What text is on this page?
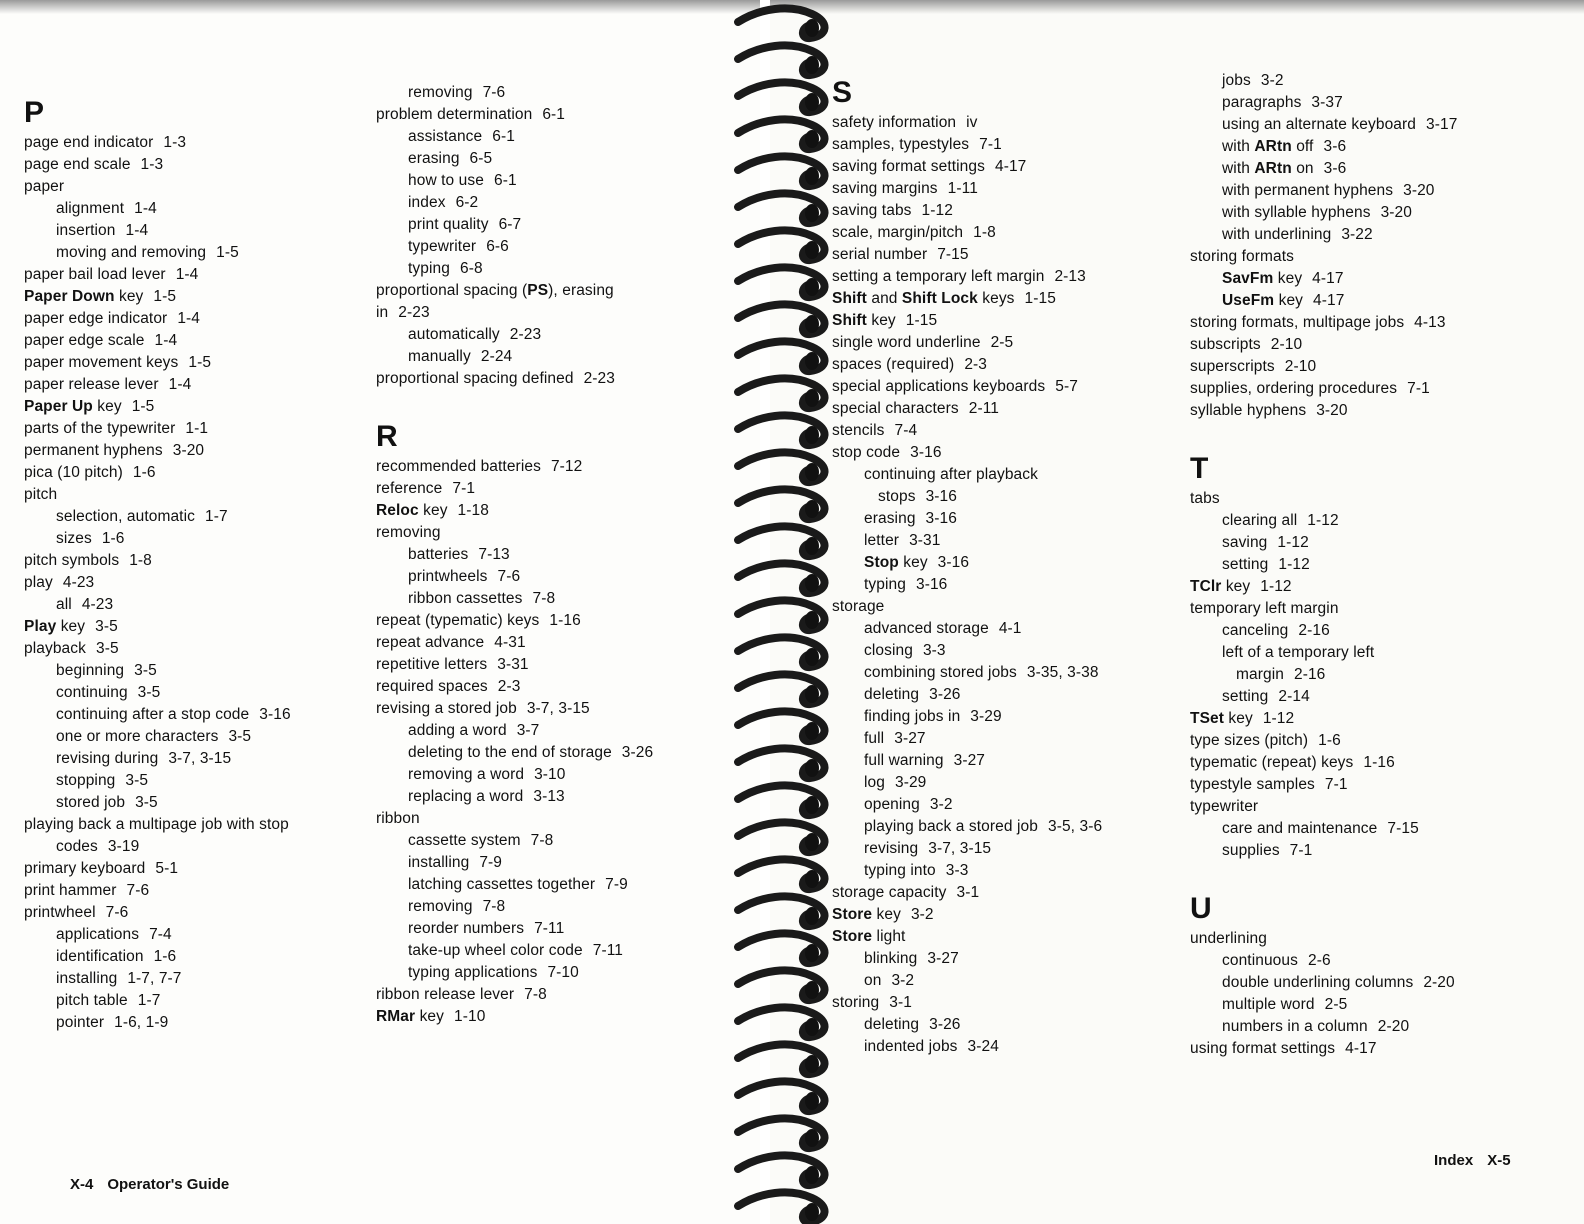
P
page end indicator 1-3
page end scale 1-3
paper
alignment 1-4
insertion 1-4
moving and removing 1-5
paper bail load lever 1-4
Paper Down key 1-5
paper edge indicator 1-4
paper edge scale 1-4
paper movement keys 1-5
paper release lever 1-4
Paper Up key 1-5
parts of the typewriter 1-1
permanent hyphens 3-20
pica (10 pitch) 1-6
pitch
selection, automatic 1-7
sizes 1-6
pitch symbols 1-8
play 4-23
all 4-23
Play key 3-5
playback 3-5
beginning 3-5
continuing 3-5
continuing after a stop code 3-16
one or more characters 3-5
revising during 3-7, 3-15
stopping 3-5
stored job 3-5
playing back a multipage job with stop
codes 3-19
primary keyboard 5-1
print hammer 7-6
printwheel 7-6
applications 7-4
identification 1-6
installing 1-7, 7-7
pitch table 1-7
pointer 1-6, 1-9
removing 7-6
problem determination 6-1
assistance 6-1
erasing 6-5
how to use 6-1
index 6-2
print quality 6-7
typewriter 6-6
typing 6-8
proportional spacing (PS), erasing
in 2-23
automatically 2-23
manually 2-24
proportional spacing defined 2-23
R
recommended batteries 7-12
reference 7-1
Reloc key 1-18
removing
batteries 7-13
printwheels 7-6
ribbon cassettes 7-8
repeat (typematic) keys 1-16
repeat advance 4-31
repetitive letters 3-31
required spaces 2-3
revising a stored job 3-7, 3-15
adding a word 3-7
deleting to the end of storage 3-26
removing a word 3-10
replacing a word 3-13
ribbon
cassette system 7-8
installing 7-9
latching cassettes together 7-9
removing 7-8
reorder numbers 7-11
take-up wheel color code 7-11
typing applications 7-10
ribbon release lever 7-8
RMar key 1-10
S
safety information iv
samples, typestyles 7-1
saving format settings 4-17
saving margins 1-11
saving tabs 1-12
scale, margin/pitch 1-8
serial number 7-15
setting a temporary left margin 2-13
Shift and Shift Lock keys 1-15
Shift key 1-15
single word underline 2-5
spaces (required) 2-3
special applications keyboards 5-7
special characters 2-11
stencils 7-4
stop code 3-16
continuing after playback
stops 3-16
erasing 3-16
letter 3-31
Stop key 3-16
typing 3-16
storage
advanced storage 4-1
closing 3-3
combining stored jobs 3-35, 3-38
deleting 3-26
finding jobs in 3-29
full 3-27
full warning 3-27
log 3-29
opening 3-2
playing back a stored job 3-5, 3-6
revising 3-7, 3-15
typing into 3-3
storage capacity 3-1
Store key 3-2
Store light
blinking 3-27
on 3-2
storing 3-1
deleting 3-26
indented jobs 3-24
jobs 3-2
paragraphs 3-37
using an alternate keyboard 3-17
with ARtn off 3-6
with ARtn on 3-6
with permanent hyphens 3-20
with syllable hyphens 3-20
with underlining 3-22
storing formats
SavFm key 4-17
UseFm key 4-17
storing formats, multipage jobs 4-13
subscripts 2-10
superscripts 2-10
supplies, ordering procedures 7-1
syllable hyphens 3-20
T
tabs
clearing all 1-12
saving 1-12
setting 1-12
TClr key 1-12
temporary left margin
canceling 2-16
left of a temporary left
margin 2-16
setting 2-14
TSet key 1-12
type sizes (pitch) 1-6
typematic (repeat) keys 1-16
typestyle samples 7-1
typewriter
care and maintenance 7-15
supplies 7-1
U
underlining
continuous 2-6
double underlining columns 2-20
multiple word 2-5
numbers in a column 2-20
using format settings 4-17
X-4 Operator's Guide
Index X-5
